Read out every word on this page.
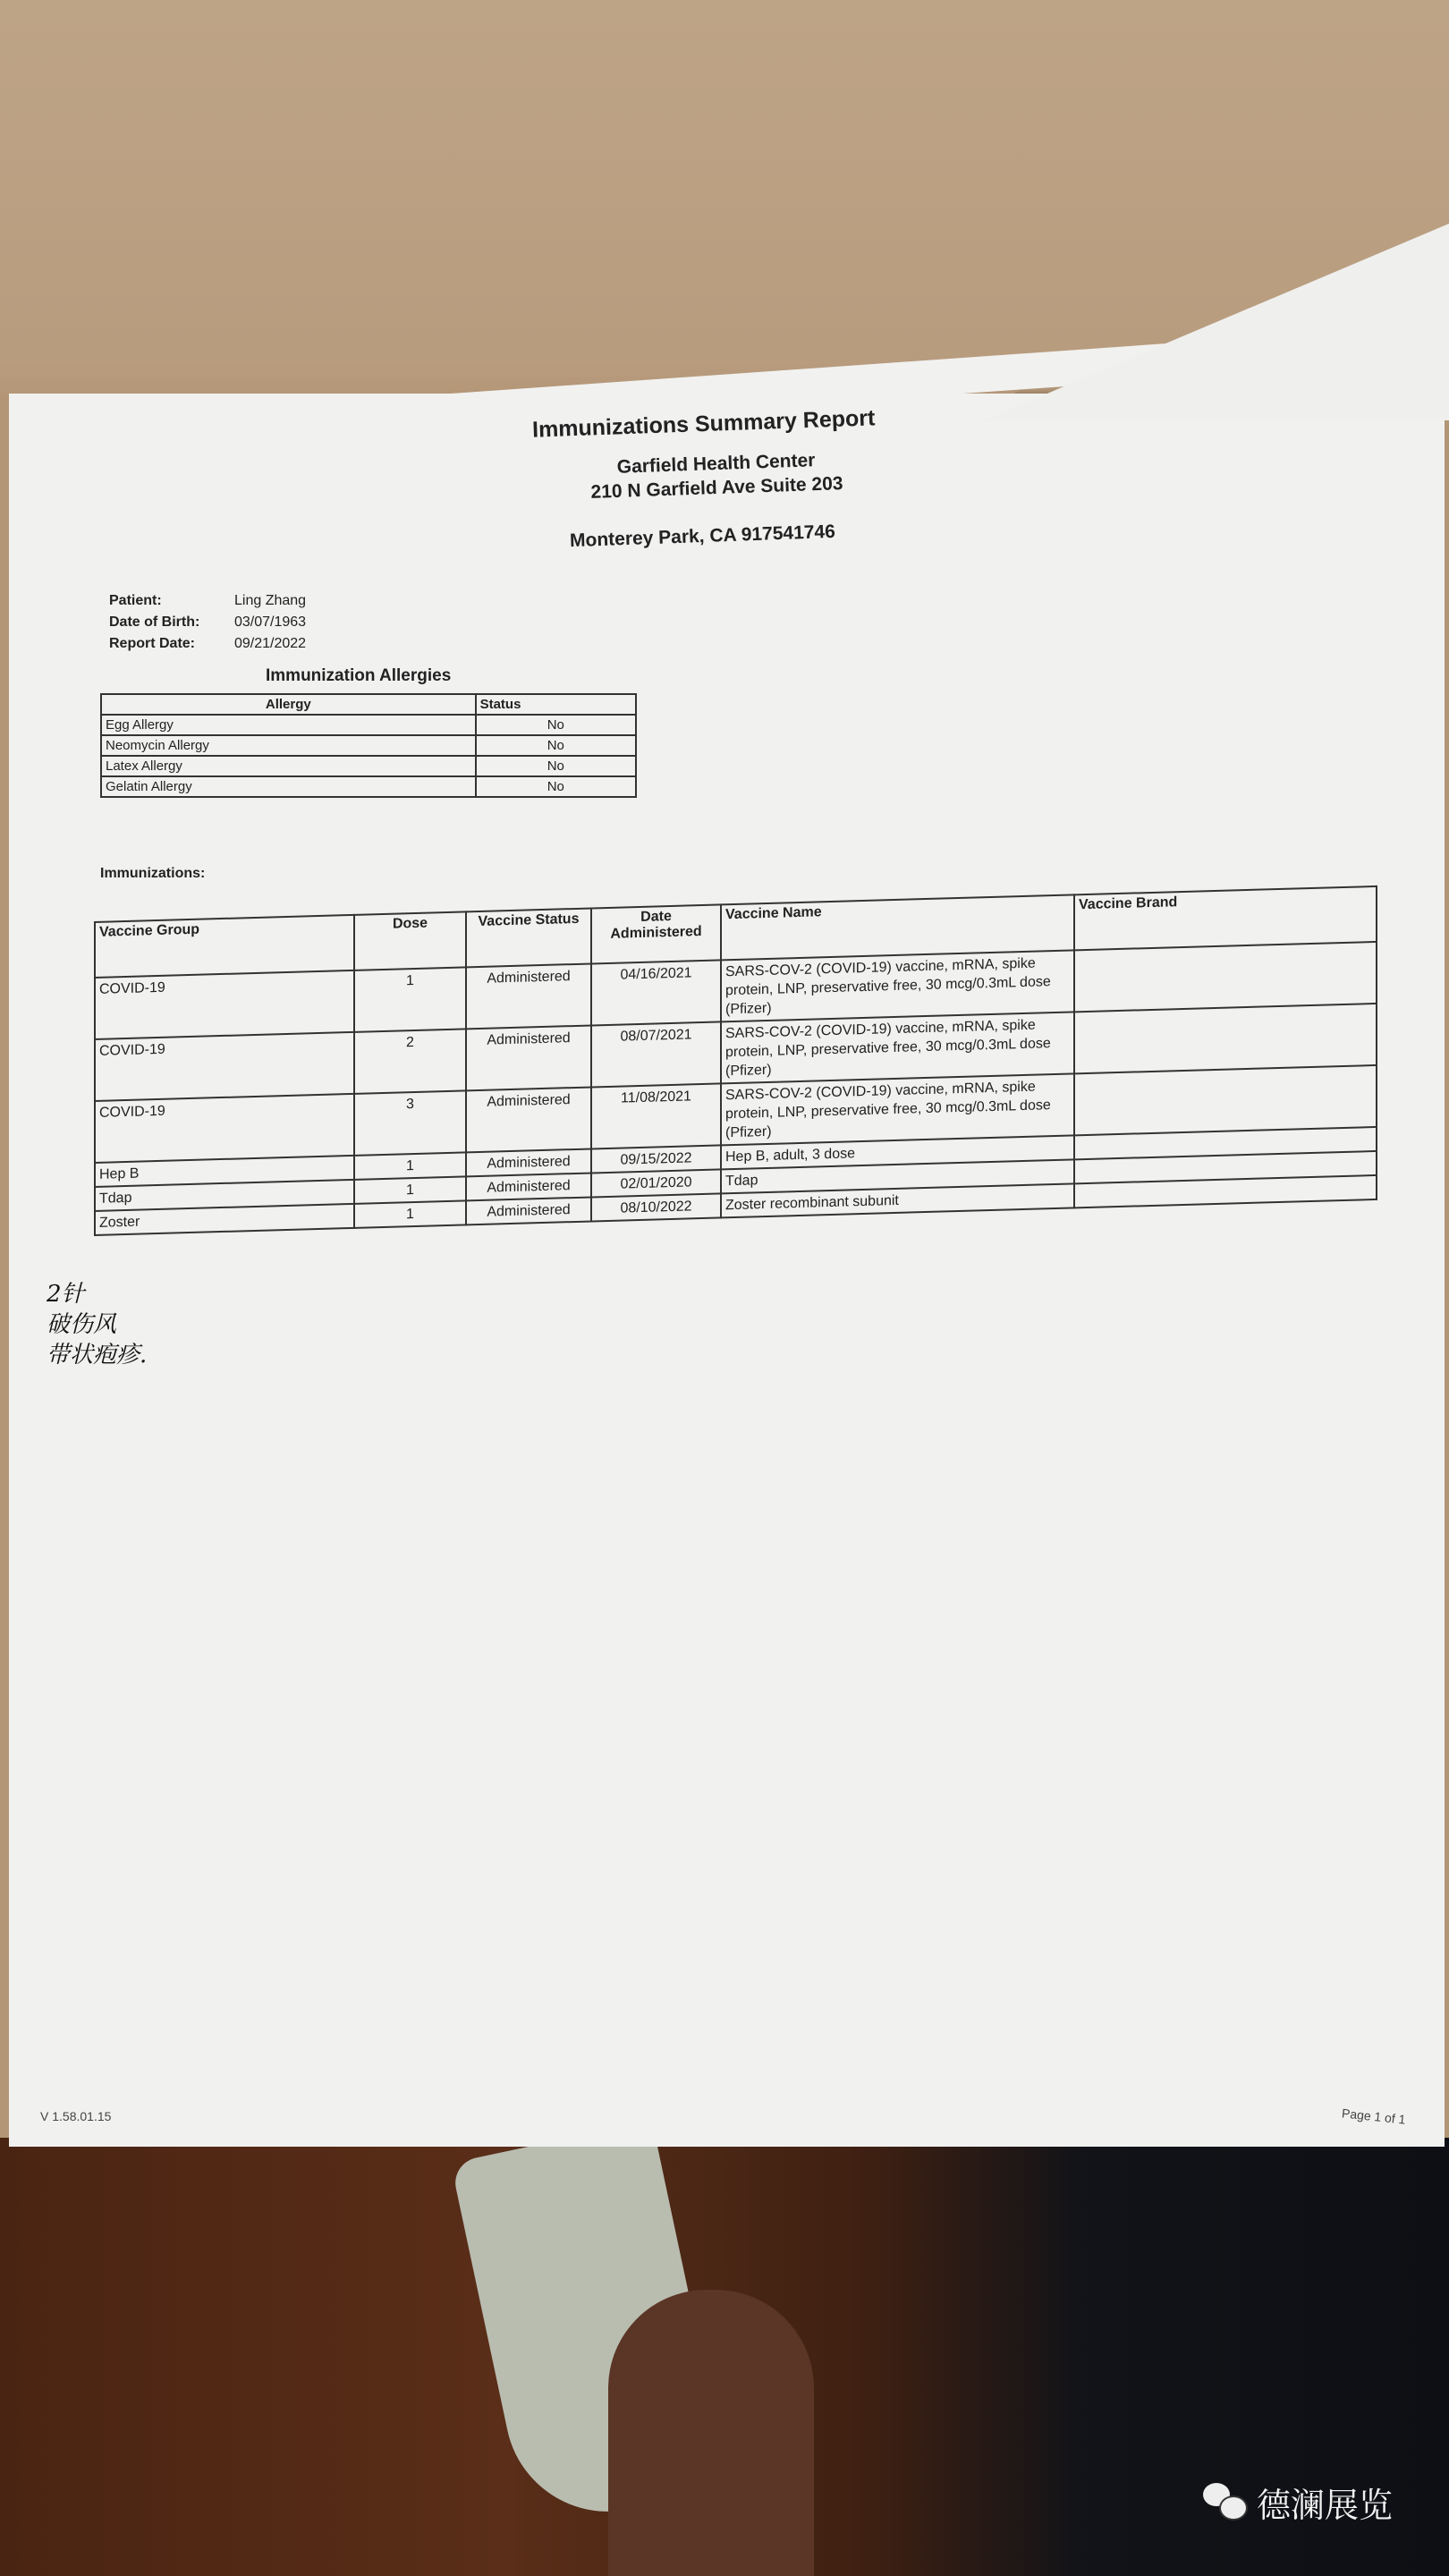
Immunizations Summary Report
Garfield Health Center
210 N Garfield Ave Suite 203
Monterey Park, CA 917541746
Patient:	Ling Zhang
Date of Birth: 03/07/1963
Report Date:	09/21/2022
Immunization Allergies
Allergy	Status
Egg Allergy	No
Neomycin Allergy	No
Latex Allergy	No
Gelatin Allergy	No
Immunizations:
Vaccine Group	Dose	Vaccine Status	Date Administered	Vaccine Name	Vaccine Brand
COVID-19	1	Administered	04/16/2021	SARS-COV-2 (COVID-19) vaccine, mRNA, spike protein, LNP, preservative free, 30 mcg/0.3mL dose (Pfizer)	
COVID-19	2	Administered	08/07/2021	SARS-COV-2 (COVID-19) vaccine, mRNA, spike protein, LNP, preservative free, 30 mcg/0.3mL dose (Pfizer)	
COVID-19	3	Administered	11/08/2021	SARS-COV-2 (COVID-19) vaccine, mRNA, spike protein, LNP, preservative free, 30 mcg/0.3mL dose (Pfizer)	
Hep B	1	Administered	09/15/2022	Hep B, adult, 3 dose	
Tdap	1	Administered	02/01/2020	Tdap	
Zoster	1	Administered	08/10/2022	Zoster recombinant subunit	
2针
破伤风
带状疱疹.
V 1.58.01.15	Page 1 of 1
德澜展览
